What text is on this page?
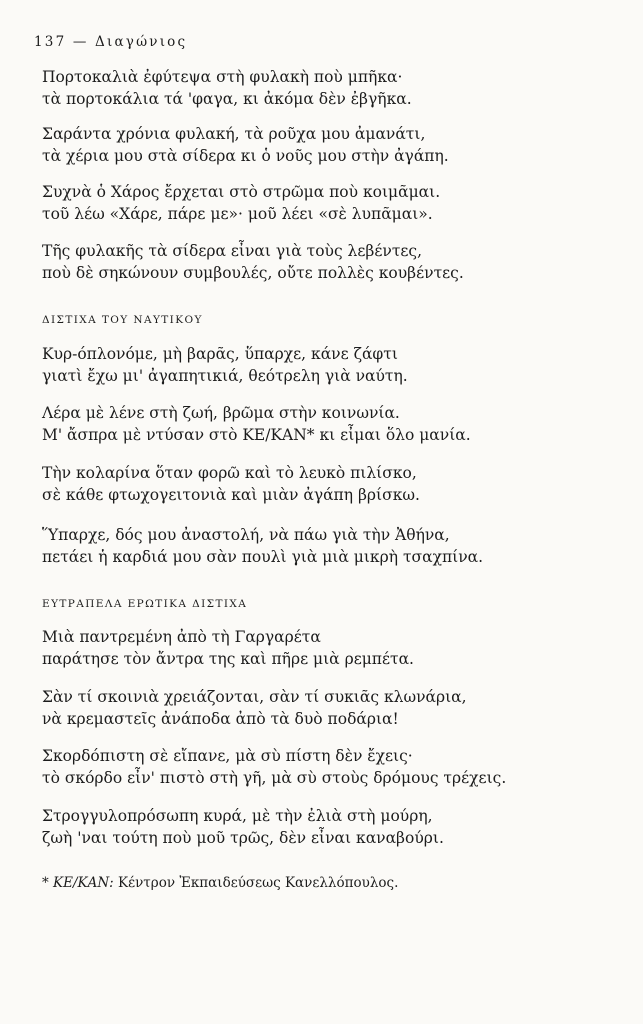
137 — Διαγώνιος
Πορτοκαλιὰ ἐφύτεψα στὴ φυλακὴ ποὺ μπῆκα·
τὰ πορτοκάλια τά 'φαγα, κι ἀκόμα δὲν ἐβγῆκα.
Σαράντα χρόνια φυλακή, τὰ ροῦχα μου ἀμανάτι,
τὰ χέρια μου στὰ σίδερα κι ὁ νοῦς μου στὴν ἀγάπη.
Συχνὰ ὁ Χάρος ἔρχεται στὸ στρῶμα ποὺ κοιμᾶμαι.
τοῦ λέω «Χάρε, πάρε με»· μοῦ λέει «σὲ λυπᾶμαι».
Τῆς φυλακῆς τὰ σίδερα εἶναι γιὰ τοὺς λεβέντες,
ποὺ δὲ σηκώνουν συμβουλές, οὔτε πολλὲς κουβέντες.
ΔΙΣΤΙΧΑ ΤΟΥ ΝΑΥΤΙΚΟΥ
Κυρ-όπλονόμε, μὴ βαρᾶς, ὕπαρχε, κάνε ζάφτι
γιατὶ ἔχω μι' ἀγαπητικιά, θεότρελη γιὰ ναύτη.
Λέρα μὲ λένε στὴ ζωή, βρῶμα στὴν κοινωνία.
Μ' ἄσπρα μὲ ντύσαν στὸ ΚΕ/ΚΑΝ* κι εἶμαι ὅλο μανία.
Τὴν κολαρίνα ὅταν φορῶ καὶ τὸ λευκὸ πιλίσκο,
σὲ κάθε φτωχογειτονιὰ καὶ μιὰν ἀγάπη βρίσκω.
Ὕπαρχε, δός μου ἀναστολή, νὰ πάω γιὰ τὴν Ἀθήνα,
πετάει ἡ καρδιά μου σὰν πουλὶ γιὰ μιὰ μικρὴ τσαχπίνα.
ΕΥΤΡΑΠΕΛΑ ΕΡΩΤΙΚΑ ΔΙΣΤΙΧΑ
Μιὰ παντρεμένη ἀπὸ τὴ Γαργαρέτα
παράτησε τὸν ἄντρα της καὶ πῆρε μιὰ ρεμπέτα.
Σὰν τί σκοινιὰ χρειάζονται, σὰν τί συκιᾶς κλωνάρια,
νὰ κρεμαστεῖς ἀνάποδα ἀπὸ τὰ δυὸ ποδάρια!
Σκορδόπιστη σὲ εἴπανε, μὰ σὺ πίστη δὲν ἔχεις·
τὸ σκόρδο εἶν' πιστὸ στὴ γῆ, μὰ σὺ στοὺς δρόμους τρέχεις.
Στρογγυλοπρόσωπη κυρά, μὲ τὴν ἐλιὰ στὴ μούρη,
ζωὴ 'ναι τούτη ποὺ μοῦ τρῶς, δὲν εἶναι καναβούρι.
* ΚΕ/ΚΑΝ: Κέντρον Ἐκπαιδεύσεως Κανελλόπουλος.
